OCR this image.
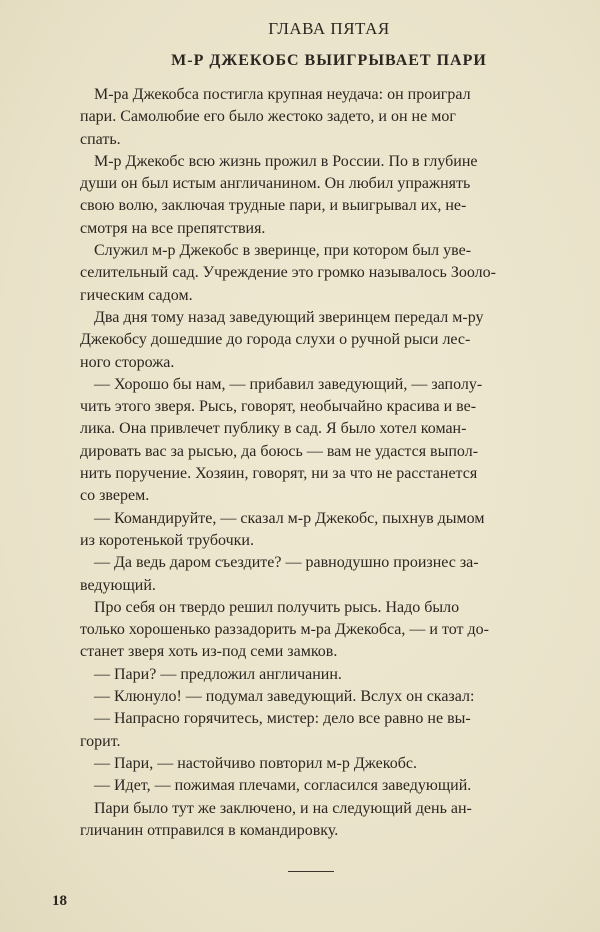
ГЛАВА ПЯТАЯ
М-Р ДЖЕКОБС ВЫИГРЫВАЕТ ПАРИ
М-ра Джекобса постигла крупная неудача: он проиграл
пари. Самолюбие его было жестоко задето, и он не мог
спать.
М-р Джекобс всю жизнь прожил в России. По в глубине
души он был истым англичанином. Он любил упражнять
свою волю, заключая трудные пари, и выигрывал их, не-
смотря на все препятствия.
Служил м-р Джекобс в зверинце, при котором был уве-
селительный сад. Учреждение это громко называлось Зооло-
гическим садом.
Два дня тому назад заведующий зверинцем передал м-ру
Джекобсу дошедшие до города слухи о ручной рыси лес-
ного сторожа.
— Хорошо бы нам, — прибавил заведующий, — заполу-
чить этого зверя. Рысь, говорят, необычайно красива и ве-
лика. Она привлечет публику в сад. Я было хотел коман-
дировать вас за рысью, да боюсь — вам не удастся выпол-
нить поручение. Хозяин, говорят, ни за что не расстанется
со зверем.
— Командируйте, — сказал м-р Джекобс, пыхнув дымом
из коротенькой трубочки.
— Да ведь даром съездите? — равнодушно произнес за-
ведующий.
Про себя он твердо решил получить рысь. Надо было
только хорошенько раззадорить м-ра Джекобса, — и тот до-
станет зверя хоть из-под семи замков.
— Пари? — предложил англичанин.
— Клюнуло! — подумал заведующий. Вслух он сказал:
— Напрасно горячитесь, мистер: дело все равно не вы-
горит.
— Пари, — настойчиво повторил м-р Джекобс.
— Идет, — пожимая плечами, согласился заведующий.
Пари было тут же заключено, и на следующий день ан-
гличанин отправился в командировку.
18
